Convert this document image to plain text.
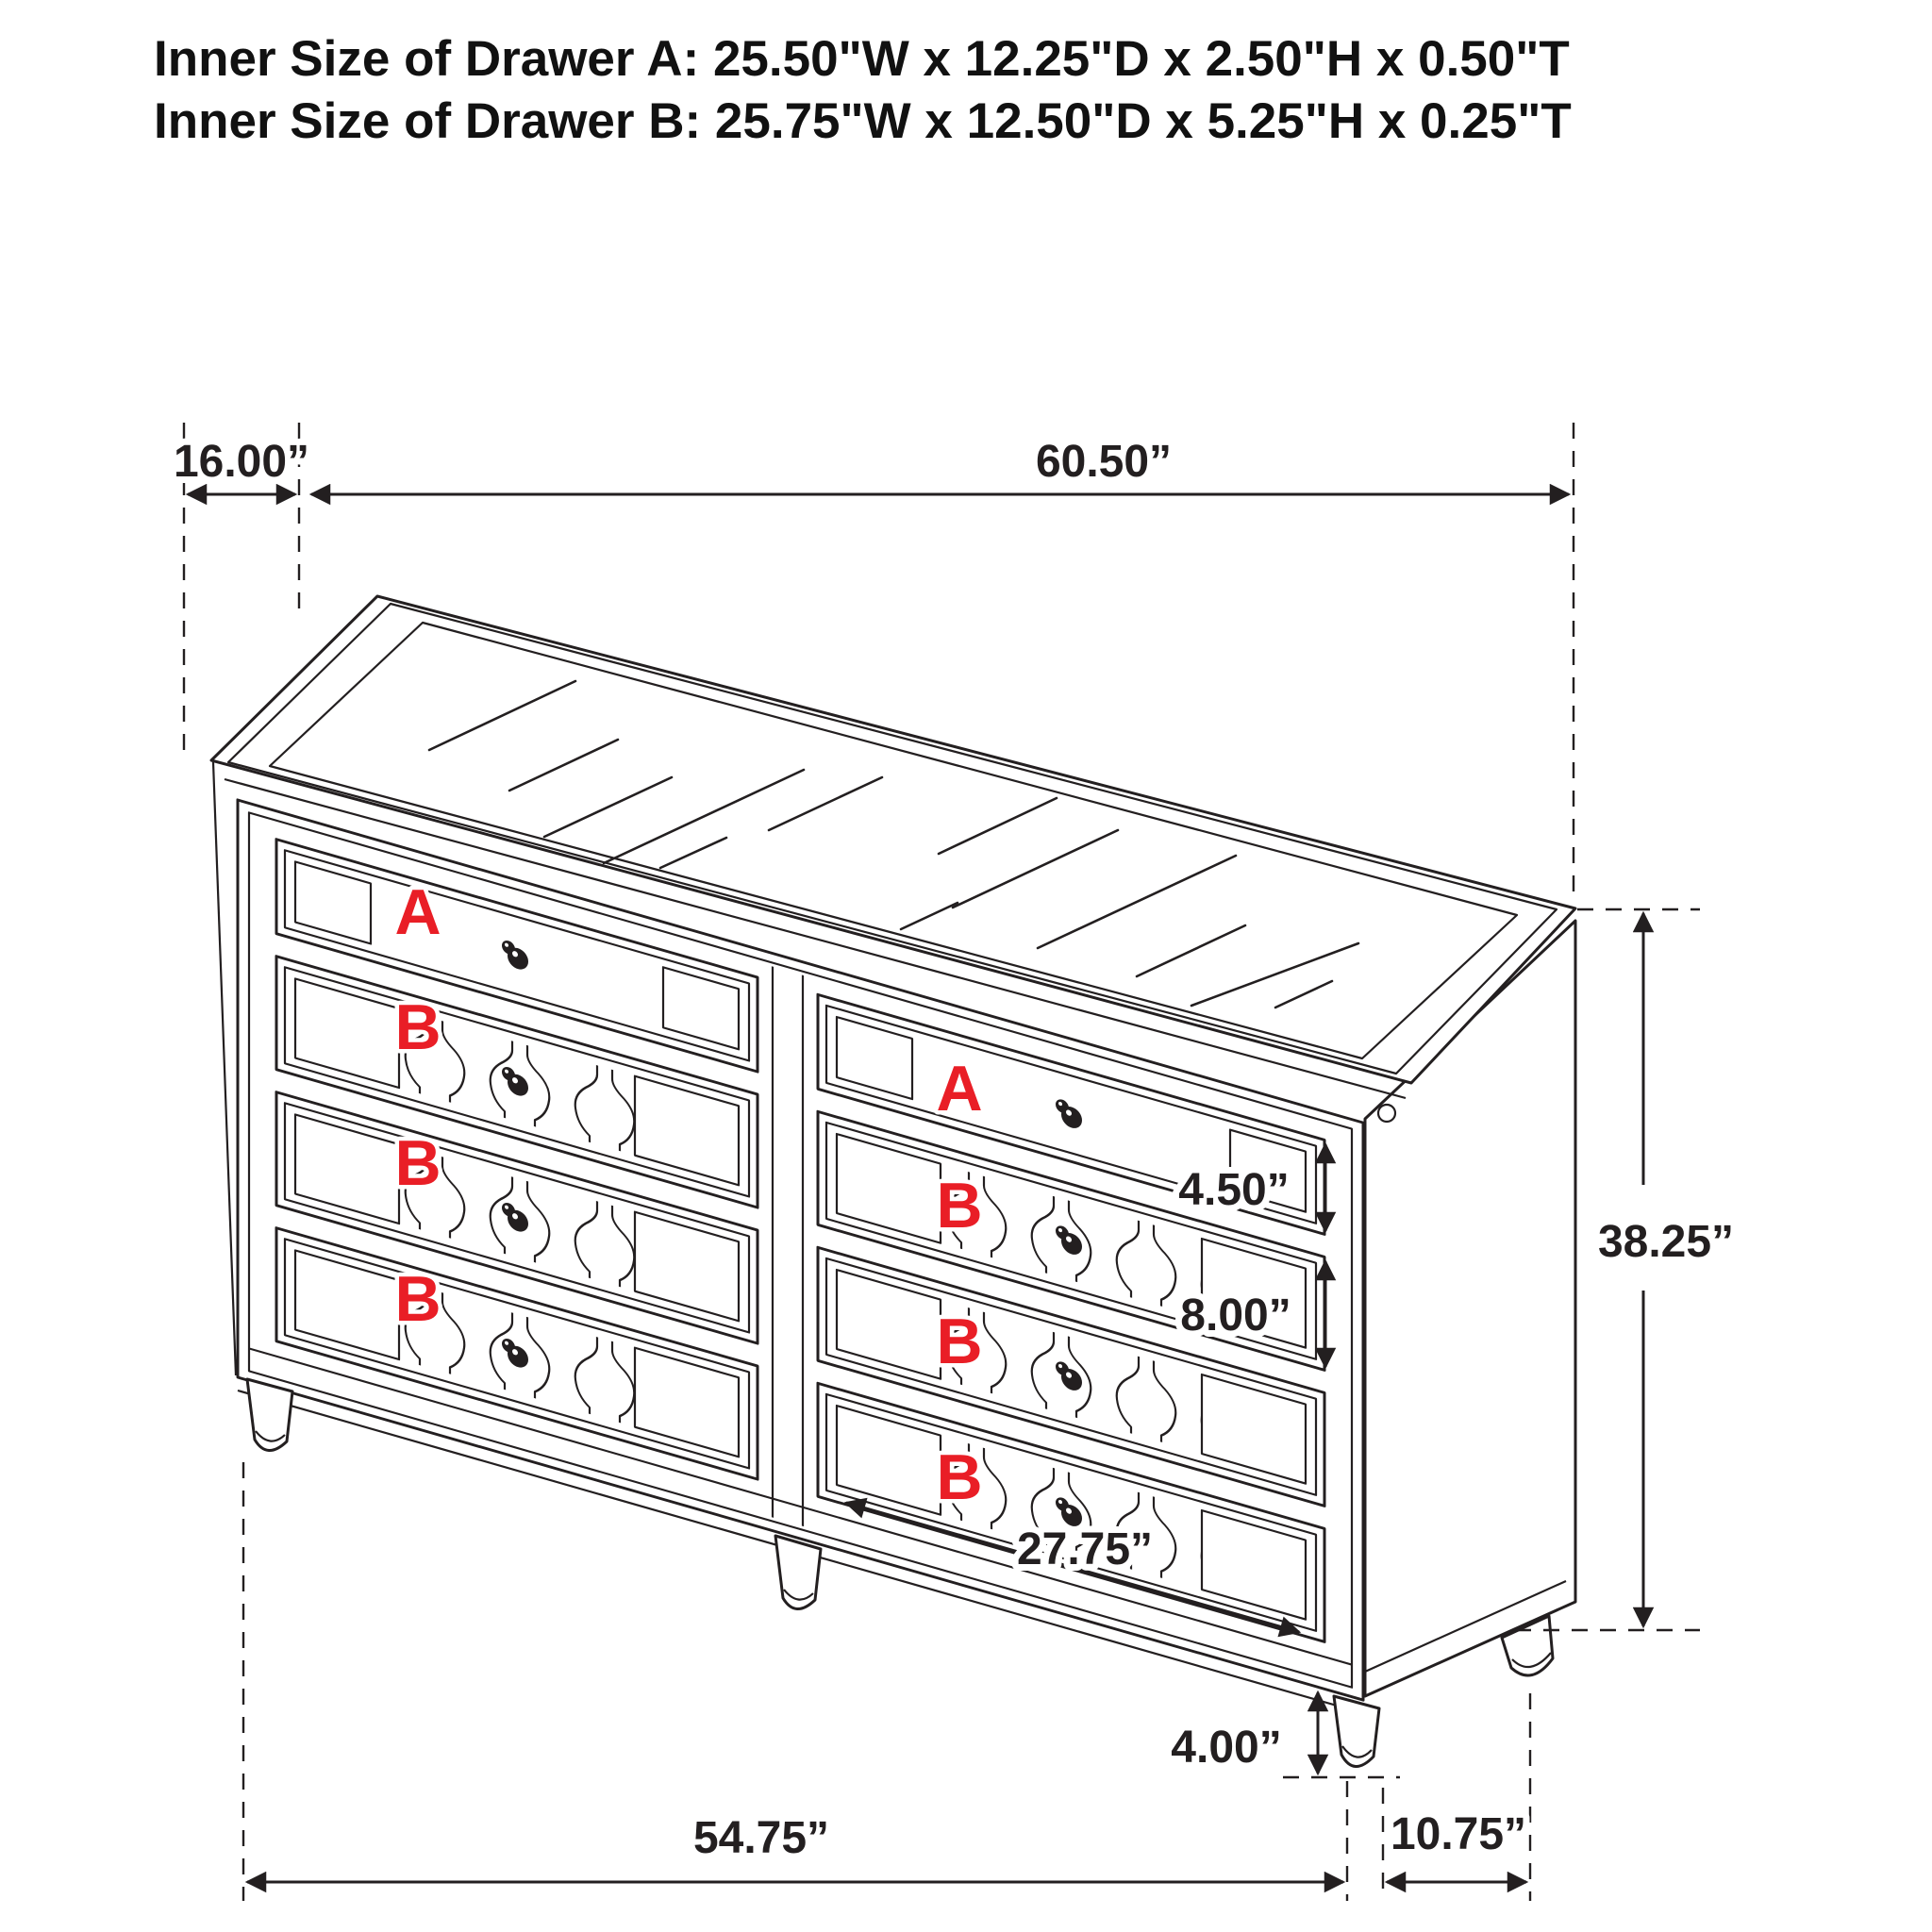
Inner Size of Drawer A: 25.50"W x 12.25"D x 2.50"H x 0.50"T
Inner Size of Drawer B: 25.75"W x 12.50"D x 5.25"H x 0.25"T
A
B
B
B
A
B
B
B
16.00”	60.50”
38.25”
4.50”
8.00”
27.75”
4.00”
54.75”	10.75”
